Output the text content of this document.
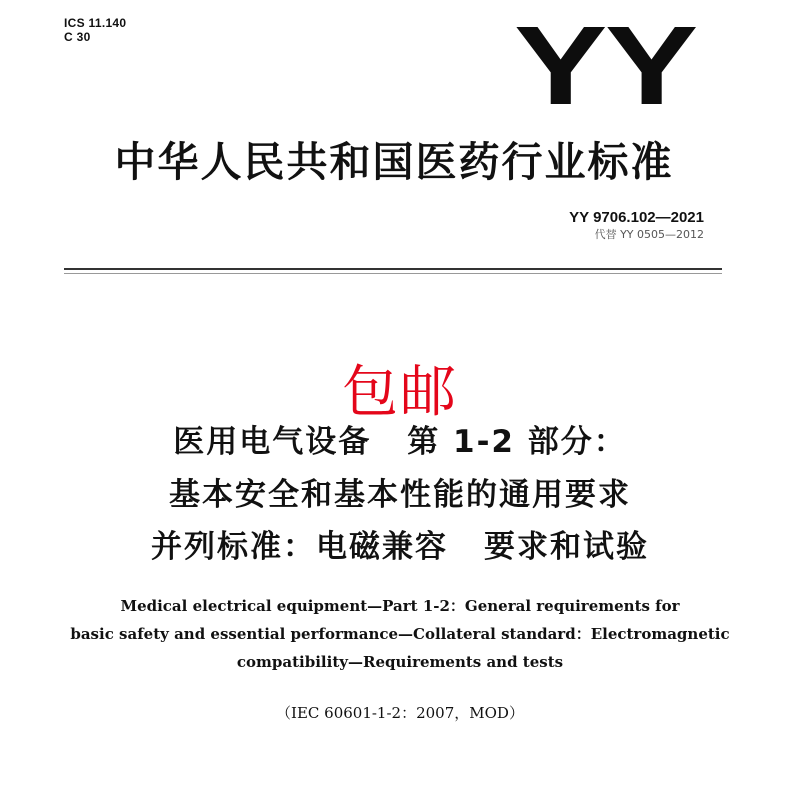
ICS 11.140
C 30	YY
中华人民共和国医药行业标准
YY 9706.102—2021
代替 YY 0505—2012
包邮
医用电气设备 第 1-2 部分：
基本安全和基本性能的通用要求
并列标准：电磁兼容 要求和试验
Medical electrical equipment—Part 1-2：General requirements for
basic safety and essential performance—Collateral standard：Electromagnetic
compatibility—Requirements and tests
（IEC 60601-1-2：2007，MOD）
